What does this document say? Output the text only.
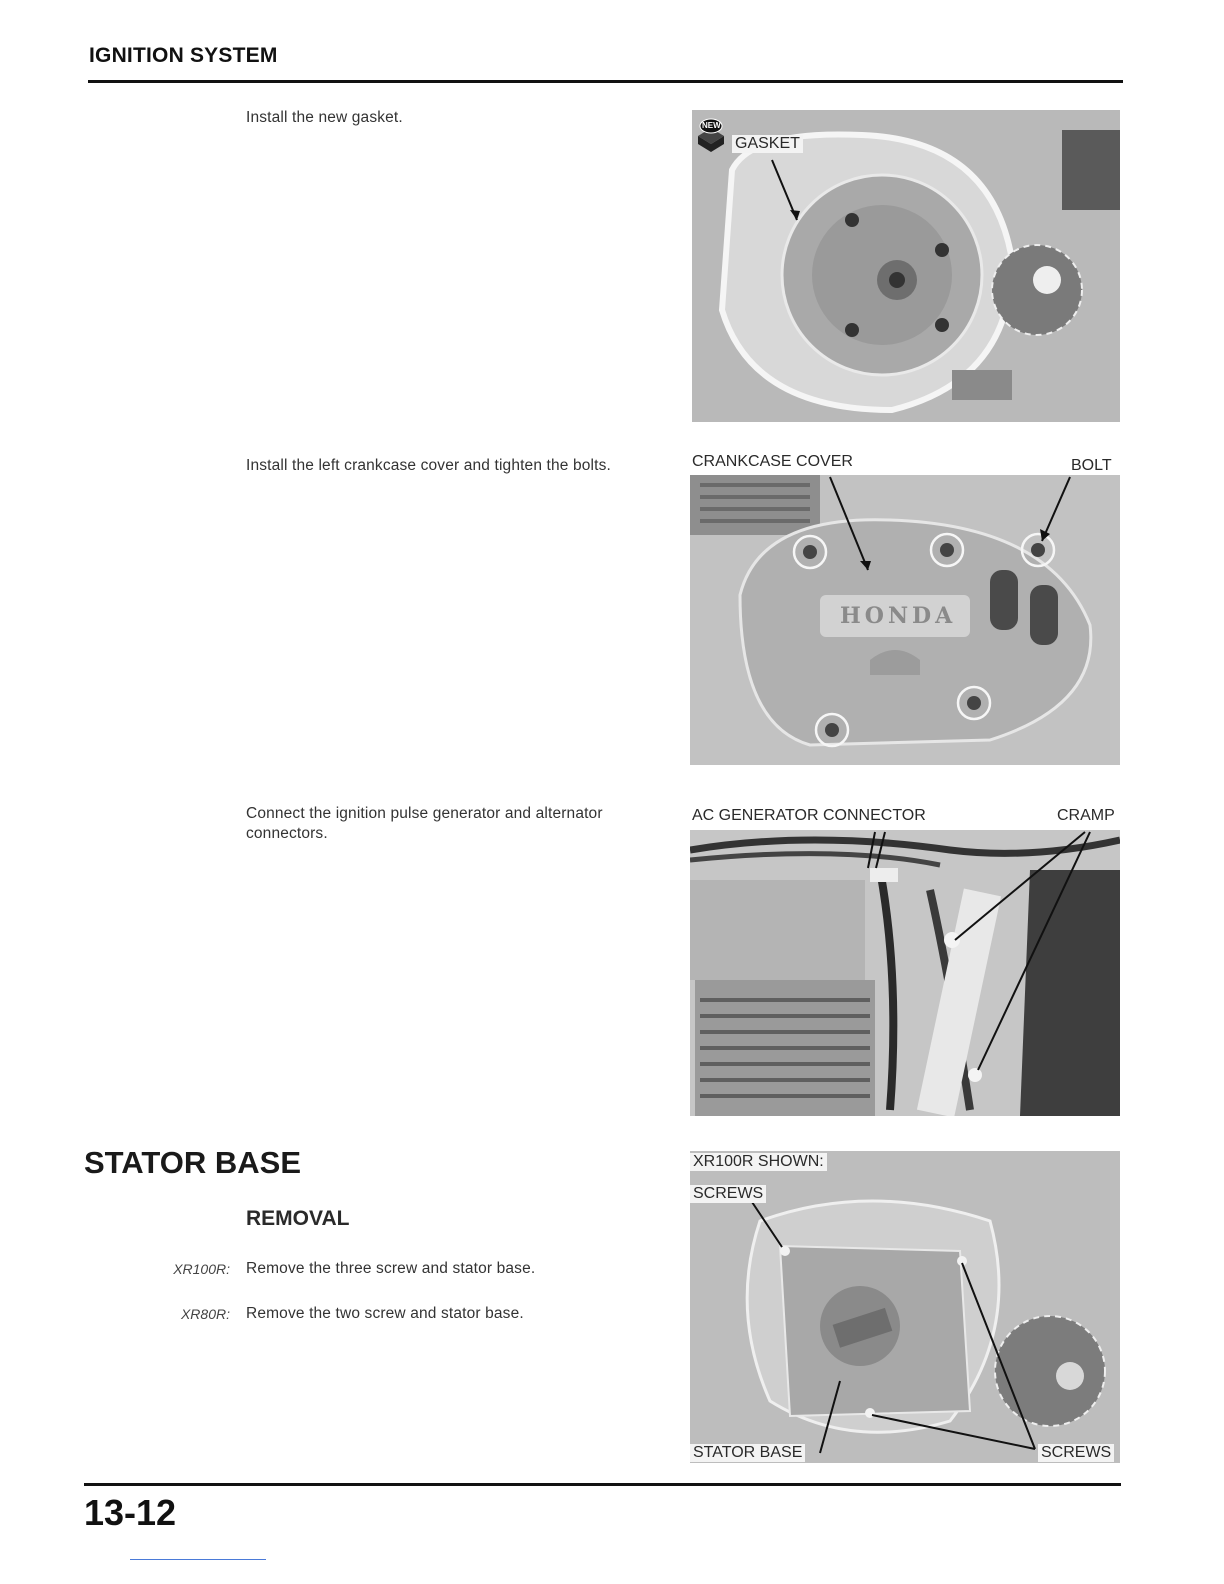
IGNITION SYSTEM
Install the new gasket.	NEW
GASKET
Install the left crankcase cover and tighten the bolts.	CRANKCASE COVER	BOLT
HONDA
Connect the ignition pulse generator and alternator connectors.
AC GENERATOR CONNECTOR	CRAMP
STATOR BASE
REMOVAL
XR100R: Remove the three screw and stator base.
XR80R: Remove the two screw and stator base.
XR100R SHOWN:
SCREWS
STATOR BASE	SCREWS
13-12
